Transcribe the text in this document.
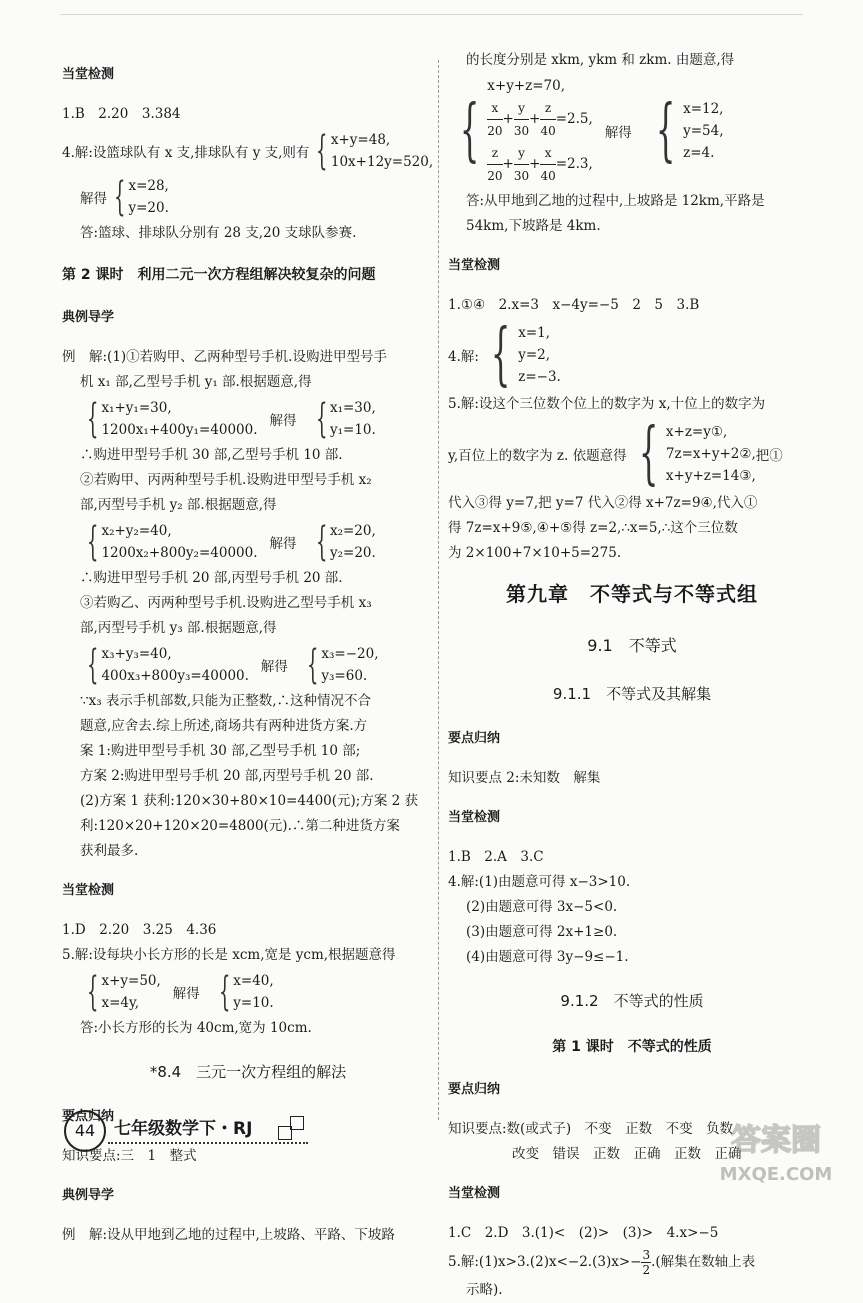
当堂检测

1.B　2.20　3.384

4.解:设篮球队有 x 支,排球队有 y 支,则有 { x+y=48,
10x+12y=520,
解得 { x=28,
y=20.

答:篮球、排球队分别有 28 支,20 支球队参赛.

第 2 课时　利用二元一次方程组解决较复杂的问题

典例导学

例　解:(1)①若购甲、乙两种型号手机.设购进甲型号手

机 x₁ 部,乙型号手机 y₁ 部.根据题意,得

{ x₁+y₁=30,
1200x₁+400y₁=40000.
解得 { x₁=30,
y₁=10.

∴购进甲型号手机 30 部,乙型号手机 10 部.

②若购甲、丙两种型号手机.设购进甲型号手机 x₂

部,丙型号手机 y₂ 部.根据题意,得

{ x₂+y₂=40,
1200x₂+800y₂=40000.
解得 { x₂=20,
y₂=20.

∴购进甲型号手机 20 部,丙型号手机 20 部.

③若购乙、丙两种型号手机.设购进乙型号手机 x₃

部,丙型号手机 y₃ 部.根据题意,得

{ x₃+y₃=40,
400x₃+800y₃=40000.
解得 { x₃=−20,
y₃=60.

∵x₃ 表示手机部数,只能为正整数,∴这种情况不合

题意,应舍去.综上所述,商场共有两种进货方案.方

案 1:购进甲型号手机 30 部,乙型号手机 10 部;

方案 2:购进甲型号手机 20 部,丙型号手机 20 部.

(2)方案 1 获利:120×30+80×10=4400(元);方案 2 获

利:120×20+120×20=4800(元).∴第二种进货方案

获利最多.

当堂检测

1.D　2.20　3.25　4.36

5.解:设每块小长方形的长是 xcm,宽是 ycm,根据题意得

{ x+y=50,
x=4y,
解得 { x=40,
y=10.

答:小长方形的长为 40cm,宽为 10cm.

*8.4　三元一次方程组的解法

要点归纳

知识要点:三　1　整式

典例导学

例　解:设从甲地到乙地的过程中,上坡路、平路、下坡路

的长度分别是 xkm, ykm 和 zkm. 由题意,得

{
x+y+z=70,
$\frac{x}{20} + \frac{y}{30} + \frac{z}{40} =2.5$,
$\frac{z}{20} + \frac{y}{30} + \frac{x}{40} =2.3$,
解得 { x=12,
y=54,
z=4.

答:从甲地到乙地的过程中,上坡路是 12km,平路是

54km,下坡路是 4km.

当堂检测

1.①④　2.x=3　x−4y=−5　2　5　3.B

4.解: { x=1,
y=2,
z=−3.

5.解:设这个三位数个位上的数字为 x,十位上的数字为

y,百位上的数字为 z. 依题意得 { x+z=y①,
7z=x+y+2②,
x+y+z=14③,
把①

代入③得 y=7,把 y=7 代入②得 x+7z=9④,代入①

得 7z=x+9⑤,④+⑤得 z=2,∴x=5,∴这个三位数

为 2×100+7×10+5=275.

第九章　不等式与不等式组

9.1　不等式

9.1.1　不等式及其解集

要点归纳

知识要点 2:未知数　解集

当堂检测

1.B　2.A　3.C

4.解:(1)由题意可得 x−3>10.

(2)由题意可得 3x−5<0.

(3)由题意可得 2x+1≥0.

(4)由题意可得 3y−9≤−1.

9.1.2　不等式的性质

第 1 课时　不等式的性质

要点归纳

知识要点:数(或式子)　不变　正数　不变　负数

改变　错误　正数　正确　正数　正确

当堂检测

1.C　2.D　3.(1)<　(2)>　(3)>　4.x>−5

5.解:(1)x>3.(2)x<−2.(3)x>− $\frac{3}{2}$ .(解集在数轴上表

示略).

44	七年级数学下・RJ	答案圈
MXQE.COM
